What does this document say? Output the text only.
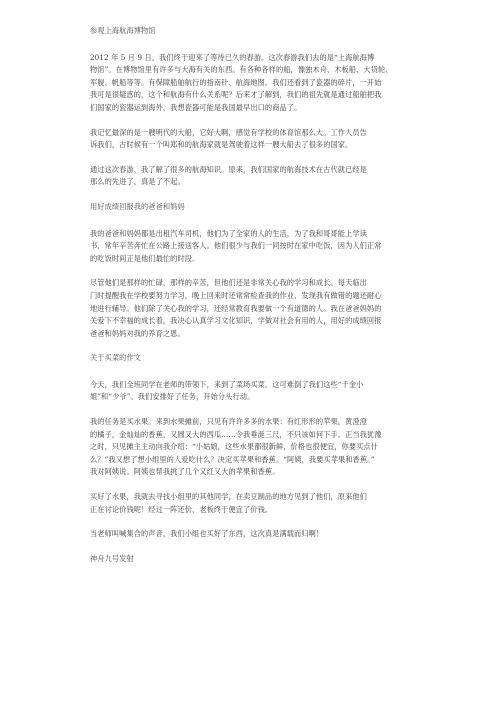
参观上海航海博物馆

2012 年 5 月 9 日，我们终于迎来了等待已久的春游。这次春游我们去的是“上海航海博

物馆”。在博物馆里有许多与大海有关的东西。有各种各样的船，像独木舟、木板船、大货轮、

军舰、帆船等等。有保障船舶航行的指南针、航海地图。我们还看到了瓷器的碎片，一开始

我可是很疑惑的，这个和航海有什么关系呢？后来才了解到，我们的祖先就是通过船舶把我

们国家的瓷器运到海外，我想瓷器可能是我国最早出口的商品了。

我记忆最深的是一艘明代的大船，它好大啊，感觉有学校的体育馆那么大。工作人员告

诉我们，古时候有一个叫郑和的航海家就是驾驶着这样一艘大船去了很多的国家。

通过这次春游，我了解了很多的航海知识。原来，我们国家的航海技术在古代就已经是

那么的先进了，真是了不起。

用好成绩回报我的爸爸和妈妈

我的爸爸和妈妈都是出租汽车司机，他们为了全家的人的生活，为了我和哥哥能上学读

书，常年辛苦奔忙在公路上接送客人。他们很少与我们一同按时在家中吃饭，因为人们正常

的吃饭时间正是他们最忙的时段。

尽管他们是那样的忙碌，那样的辛苦，但他们还是非常关心我的学习和成长。每天临出

门时提醒我在学校要努力学习，晚上回来时还常常检查我的作业，发现我有做错的题还耐心

地进行辅导。他们除了关心我的学习，还经常教育我要做一个有道德的人。我在爸爸妈妈的

关爱下不幸福的成长着，我决心认真学习文化知识，学做对社会有用的人，用好的成绩回报

爸爸和妈妈对我的养育之恩。

关于买菜的作文

今天，我们全班同学在老师的带领下，来到了菜场买菜。这可难倒了我们这些“千金小

姐”和“少爷”。我们安排好了任务，开始分头行动。

我的任务是买水果。来到水果摊前，只见有许许多多的水果：有红形形的苹果，黄澄澄

的橘子，金灿灿的香蕉，又圆又大的西瓜……令我垂涎三尺，不只该如何下手。正当我犹豫

之时，只见摊主主动向我介绍：“小姑娘，这些水果都很新鲜，价格也很便宜，你要买点什

么？”我又想了想小组里的人爱吃什么？决定买苹果和香蕉。“阿姨，我要买苹果和香蕉。”

我对阿姨说。阿姨也帮我挑了几个又红又大的苹果和香蕉。

买好了水果，我就去寻找小组里的其他同学，在卖豆制品的地方见到了他们，原来他们

正在讨论价钱呢！经过一阵还价，老板终于便宜了价钱。

当老师叫喊集合的声音，我们小组也买好了东西，这次真是满载而归啊！

神舟九号发射
